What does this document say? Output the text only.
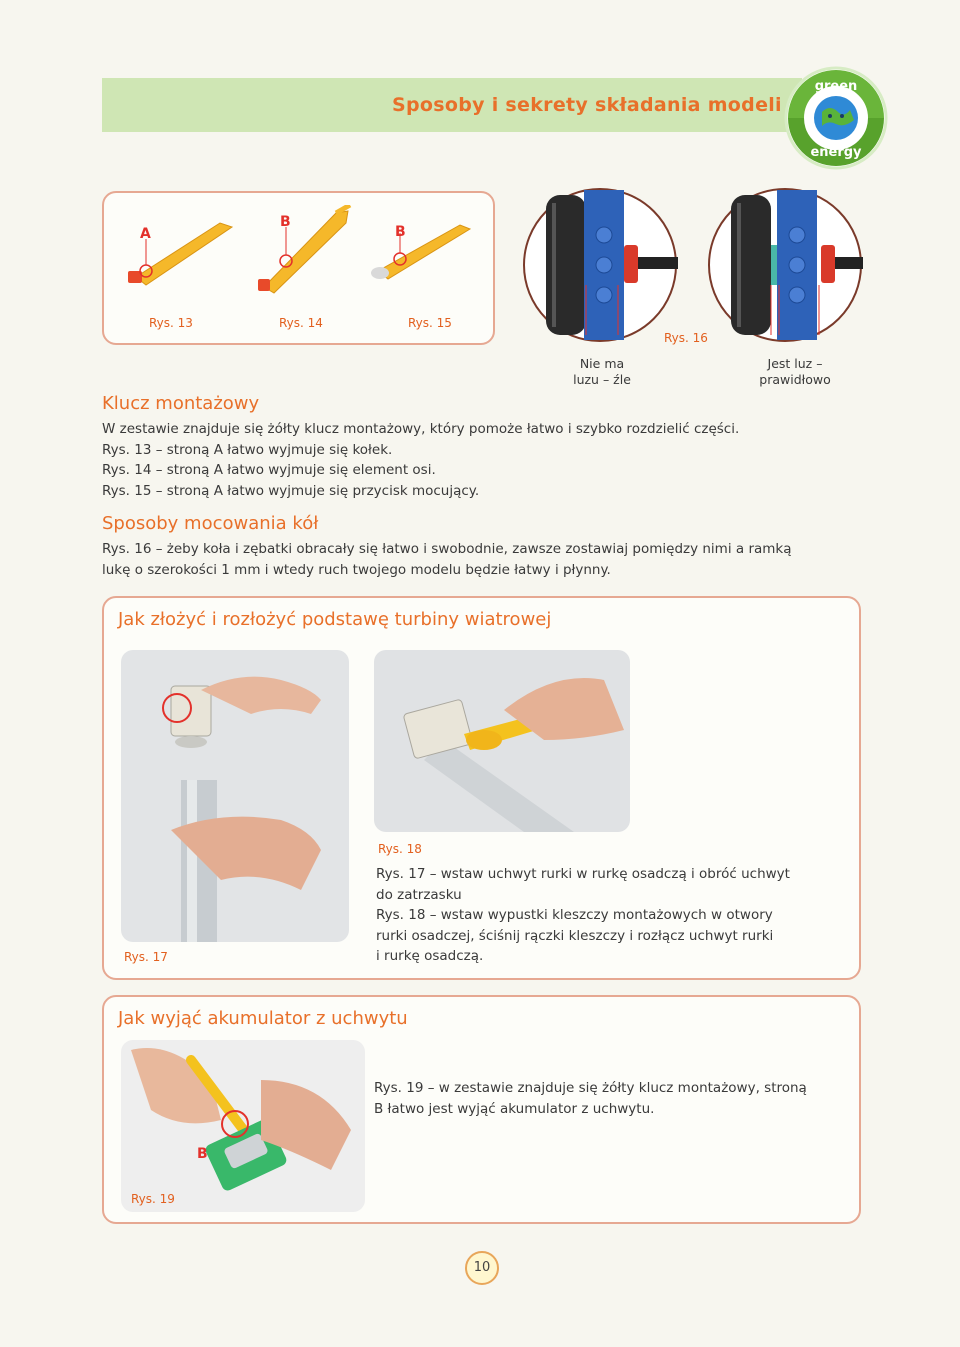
Sposoby i sekrety składania modeli
green
energy
A
B
B
Rys. 13	Rys. 14	Rys. 15
Rys. 16
Nie ma
luzu – źle
Jest luz –
prawidłowo
Klucz montażowy
W zestawie znajduje się żółty klucz montażowy, który pomoże łatwo i szybko rozdzielić części.
Rys. 13 – stroną A łatwo wyjmuje się kołek.
Rys. 14 – stroną A łatwo wyjmuje się element osi.
Rys. 15 – stroną A łatwo wyjmuje się przycisk mocujący.
Sposoby mocowania kół
Rys. 16 – żeby koła i zębatki obracały się łatwo i swobodnie, zawsze zostawiaj pomiędzy nimi a ramką
lukę o szerokości 1 mm i wtedy ruch twojego modelu będzie łatwy i płynny.
Jak złożyć i rozłożyć podstawę turbiny wiatrowej
Rys. 17
Rys. 18
Rys. 17 – wstaw uchwyt rurki w rurkę osadczą i obróć uchwyt
do zatrzasku
Rys. 18 – wstaw wypustki kleszczy montażowych w otwory
rurki osadczej, ściśnij rączki kleszczy i rozłącz uchwyt rurki
i rurkę osadczą.
Jak wyjąć akumulator z uchwytu
B
Rys. 19
Rys. 19 – w zestawie znajduje się żółty klucz montażowy, stroną
B łatwo jest wyjąć akumulator z uchwytu.
10
